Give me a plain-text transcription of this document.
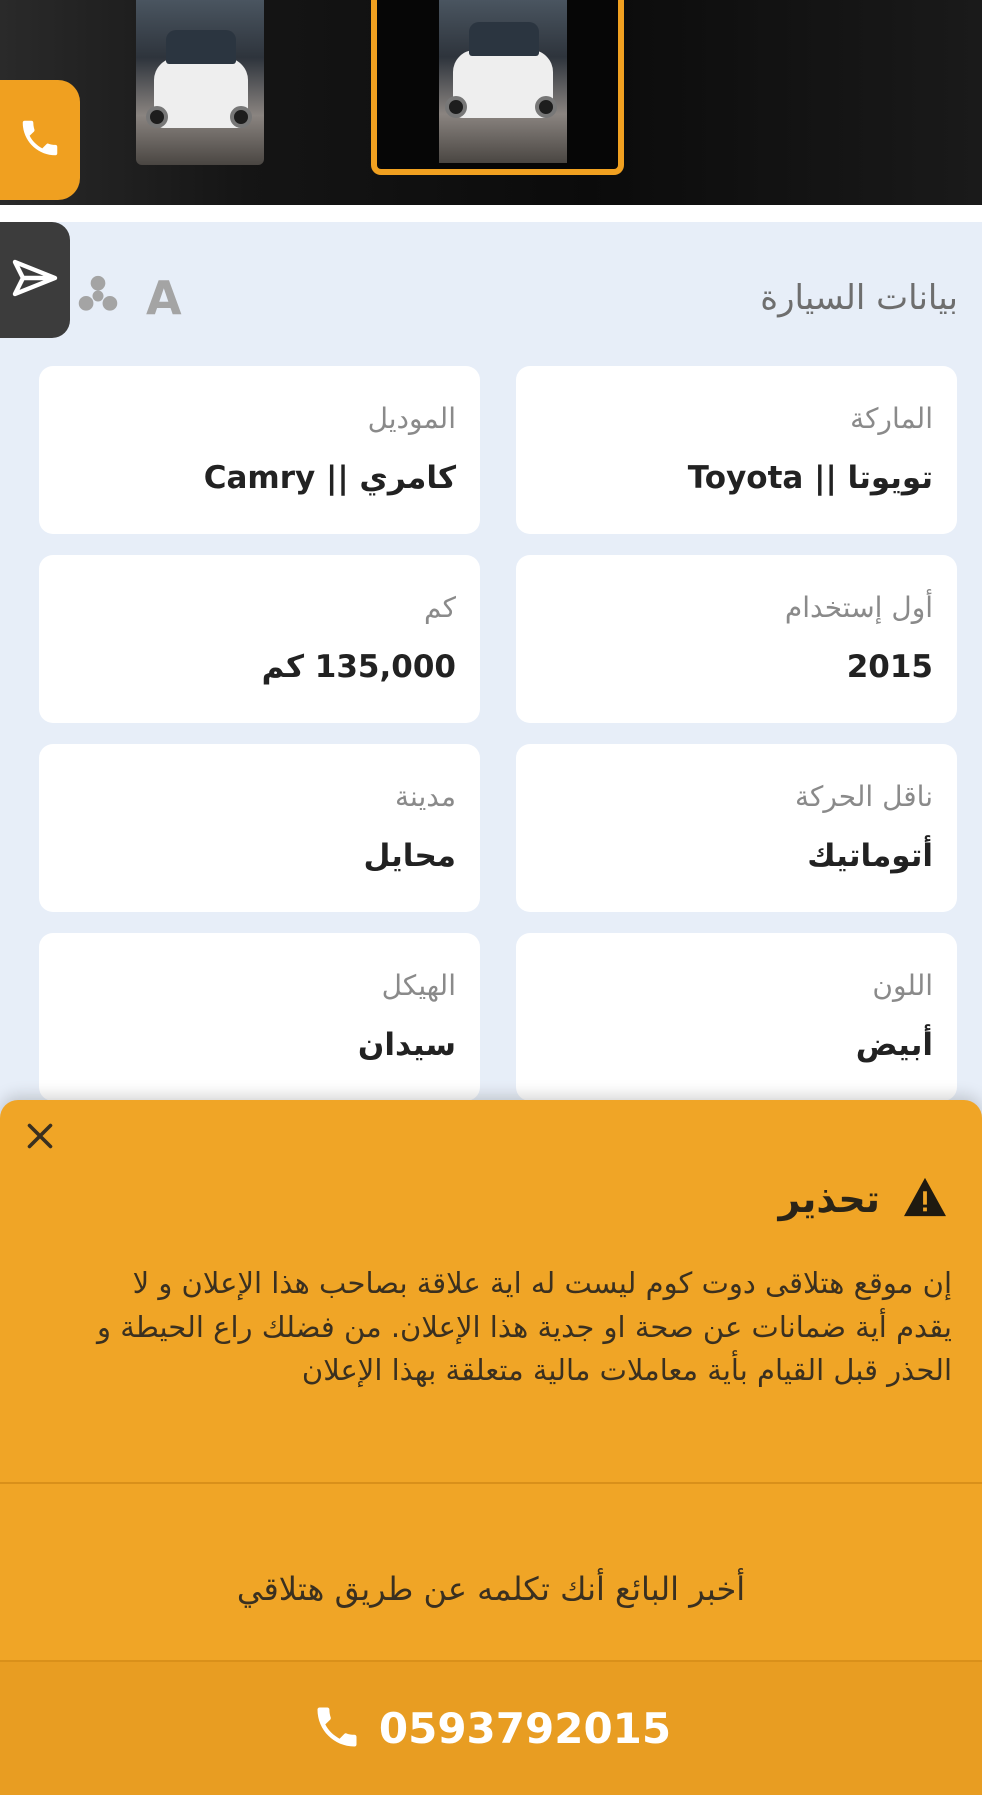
بيانات السيارة
A
الماركة
تويوتا || Toyota
الموديل
كامري || Camry
أول إستخدام
2015
كم
135,000 كم
ناقل الحركة
أتوماتيك
مدينة
محايل
اللون
أبيض
الهيكل
سيدان
تحذير
إن موقع هتلاقى دوت كوم ليست له اية علاقة بصاحب هذا الإعلان و لا يقدم أية ضمانات عن صحة او جدية هذا الإعلان. من فضلك راع الحيطة و الحذر قبل القيام بأية معاملات مالية متعلقة بهذا الإعلان
أخبر البائع أنك تكلمه عن طريق هتلاقي
0593792015
